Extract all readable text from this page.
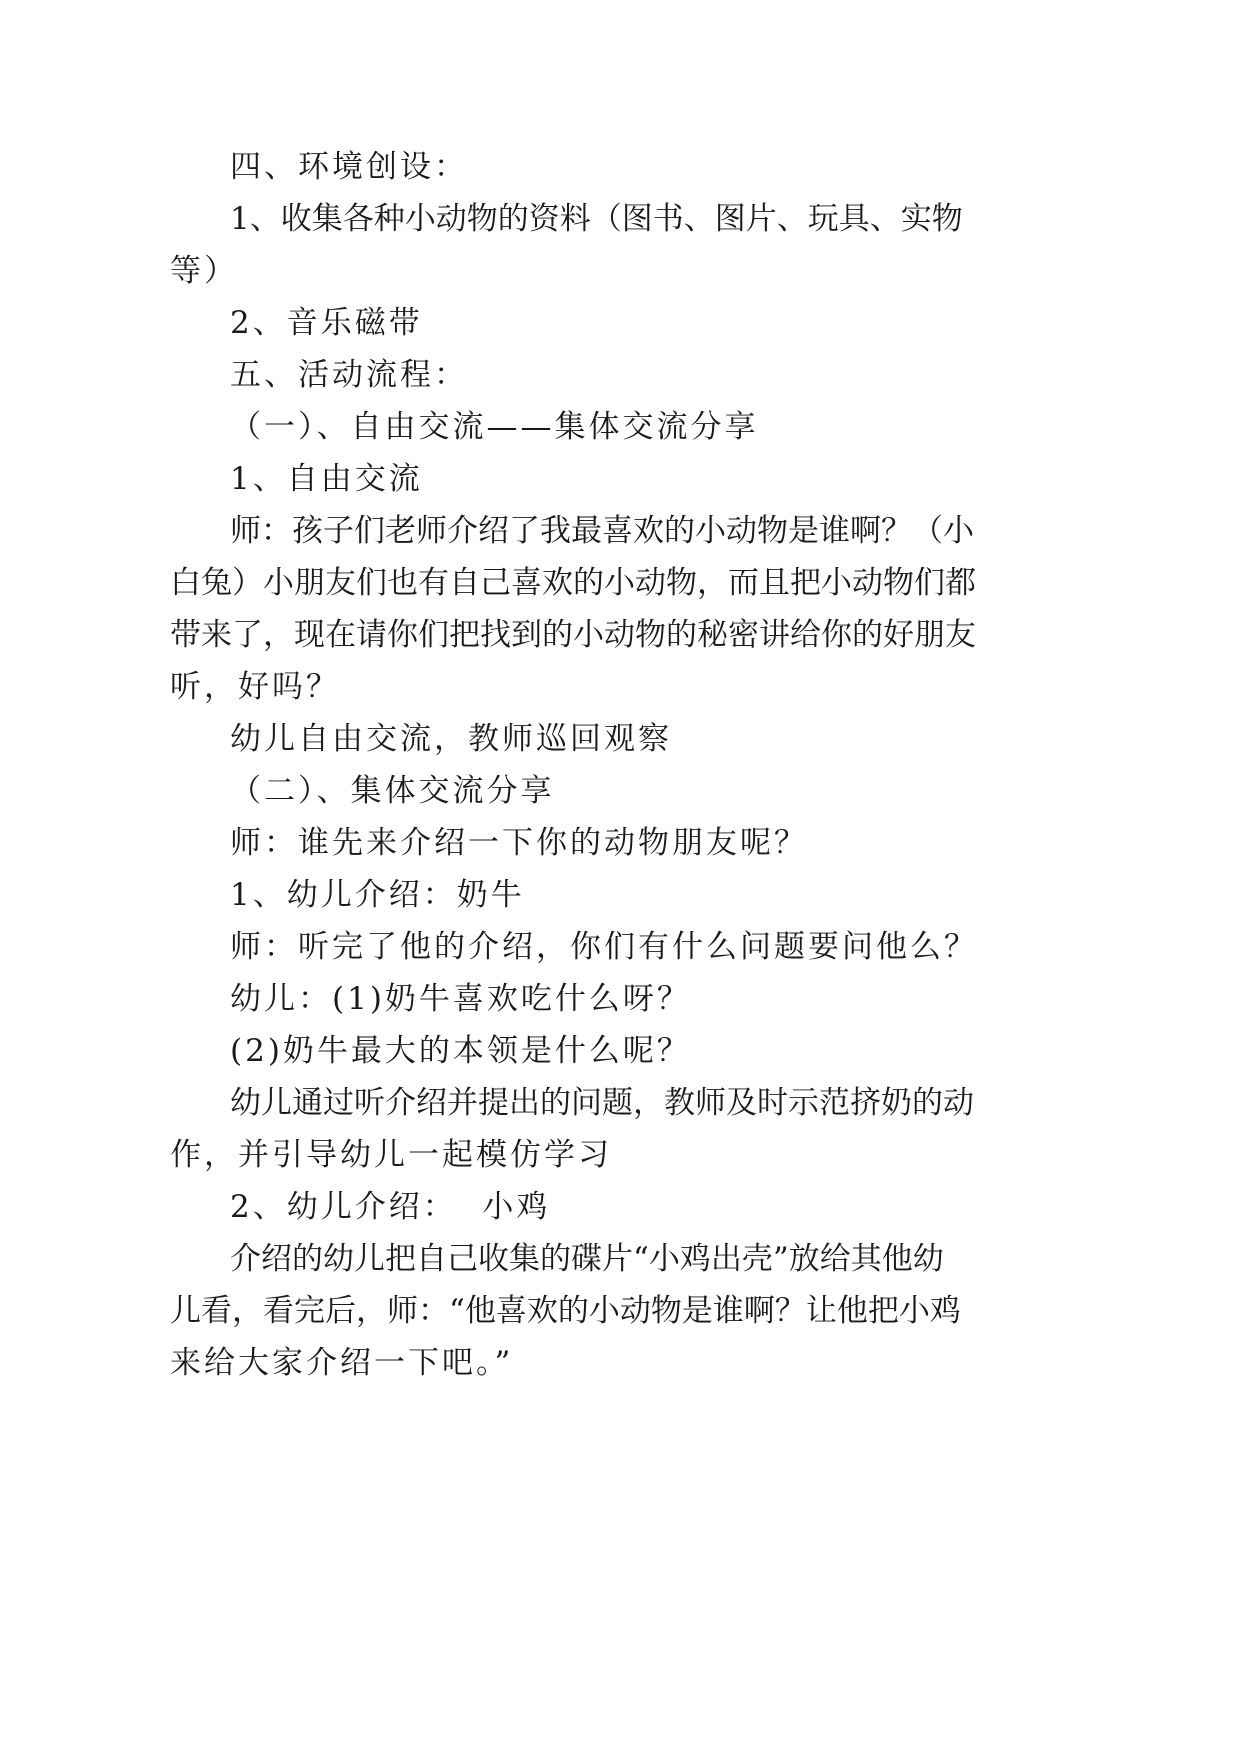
四、环境创设：
1、收集各种小动物的资料（图书、图片、玩具、实物
等）
2、音乐磁带
五、活动流程：
（一）、自由交流——集体交流分享
1、自由交流
师：孩子们老师介绍了我最喜欢的小动物是谁啊？（小
白兔）小朋友们也有自己喜欢的小动物，而且把小动物们都
带来了，现在请你们把找到的小动物的秘密讲给你的好朋友
听，好吗？
幼儿自由交流，教师巡回观察
（二）、集体交流分享
师：谁先来介绍一下你的动物朋友呢？
1、幼儿介绍：奶牛
师：听完了他的介绍，你们有什么问题要问他么？
幼儿：(1)奶牛喜欢吃什么呀？
(2)奶牛最大的本领是什么呢？
幼儿通过听介绍并提出的问题，教师及时示范挤奶的动
作，并引导幼儿一起模仿学习
2、幼儿介绍：  小鸡
介绍的幼儿把自己收集的碟片“小鸡出壳”放给其他幼
儿看，看完后，师：“他喜欢的小动物是谁啊？让他把小鸡
来给大家介绍一下吧。”
